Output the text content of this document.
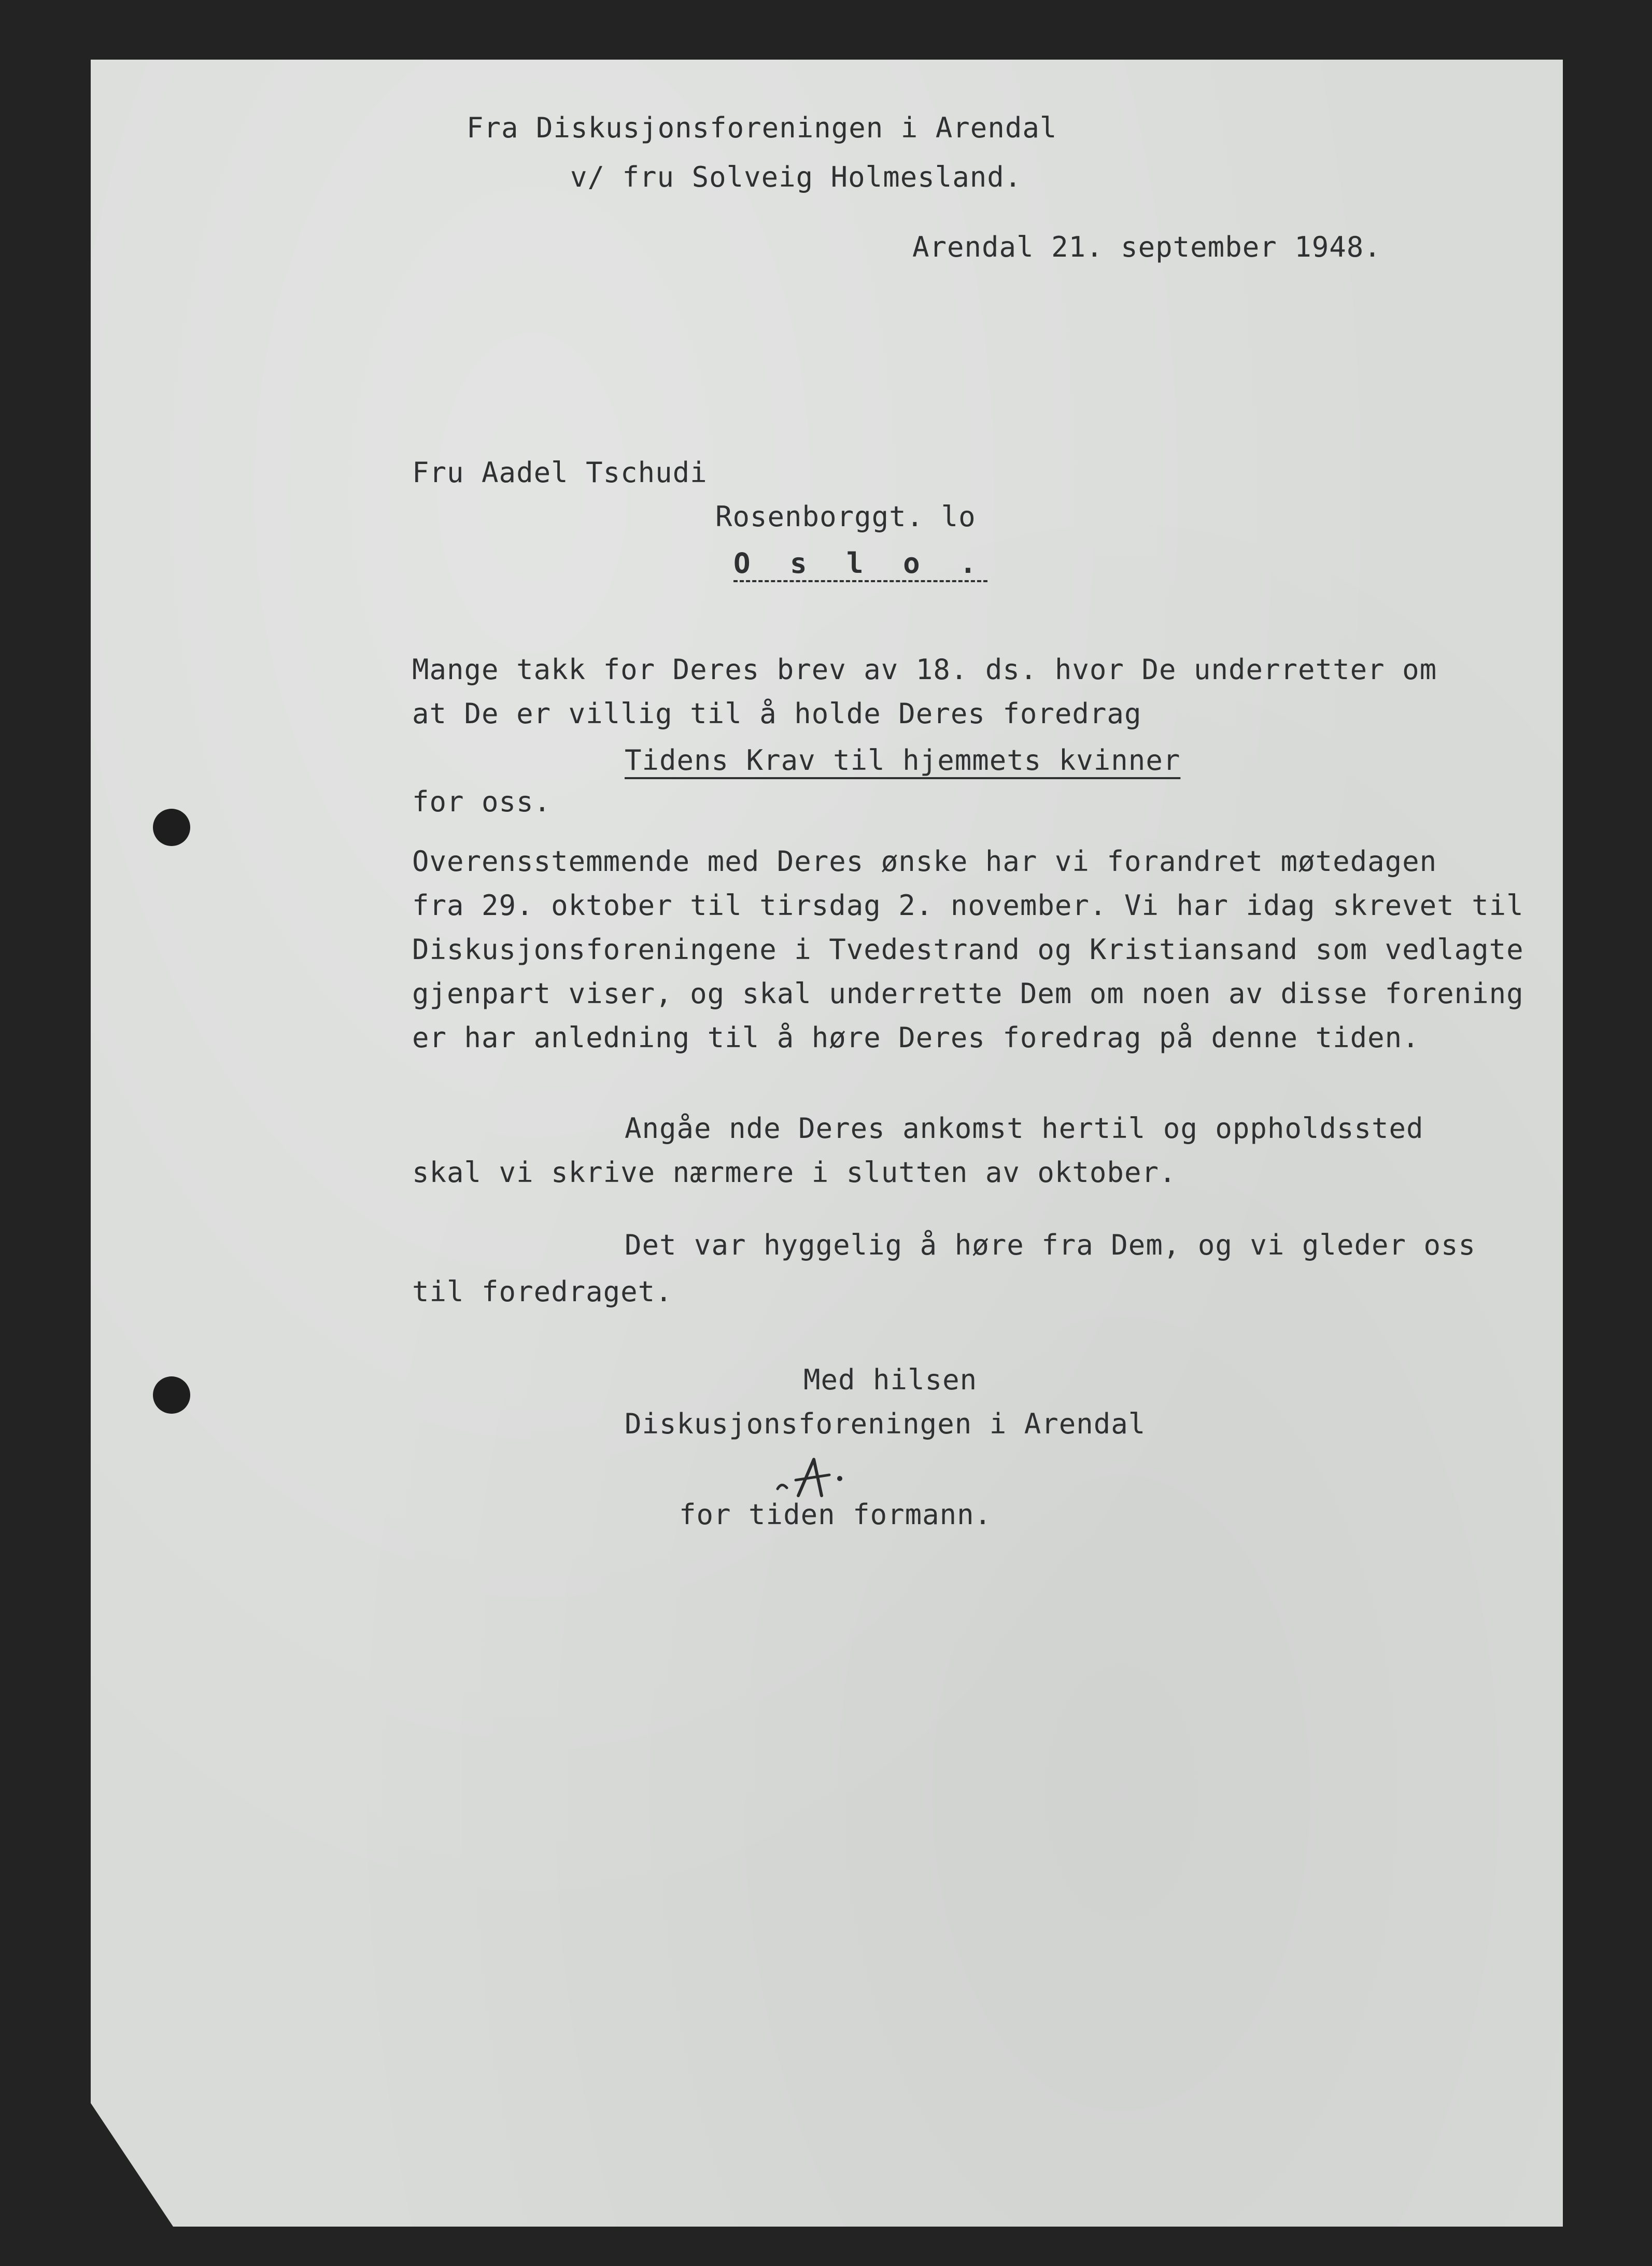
Fra Diskusjonsforeningen i Arendal
v/ fru Solveig Holmesland.
Arendal 21. september 1948.
Fru Aadel Tschudi
Rosenborggt. lo
O s l o .
Mange takk for Deres brev av 18. ds. hvor De underretter om
at De er villig til å holde Deres foredrag
Tidens Krav til hjemmets kvinner
for oss.
Overensstemmende med Deres ønske har vi forandret møtedagen
fra 29. oktober til tirsdag 2. november. Vi har idag skrevet til
Diskusjonsforeningene i Tvedestrand og Kristiansand som vedlagte
gjenpart viser, og skal underrette Dem om noen av disse forening
er har anledning til å høre Deres foredrag på denne tiden.
Angåe nde Deres ankomst hertil og oppholdssted
skal vi skrive nærmere i slutten av oktober.
Det var hyggelig å høre fra Dem, og vi gleder oss
til foredraget.
Med hilsen
Diskusjonsforeningen i Arendal
for tiden formann.
